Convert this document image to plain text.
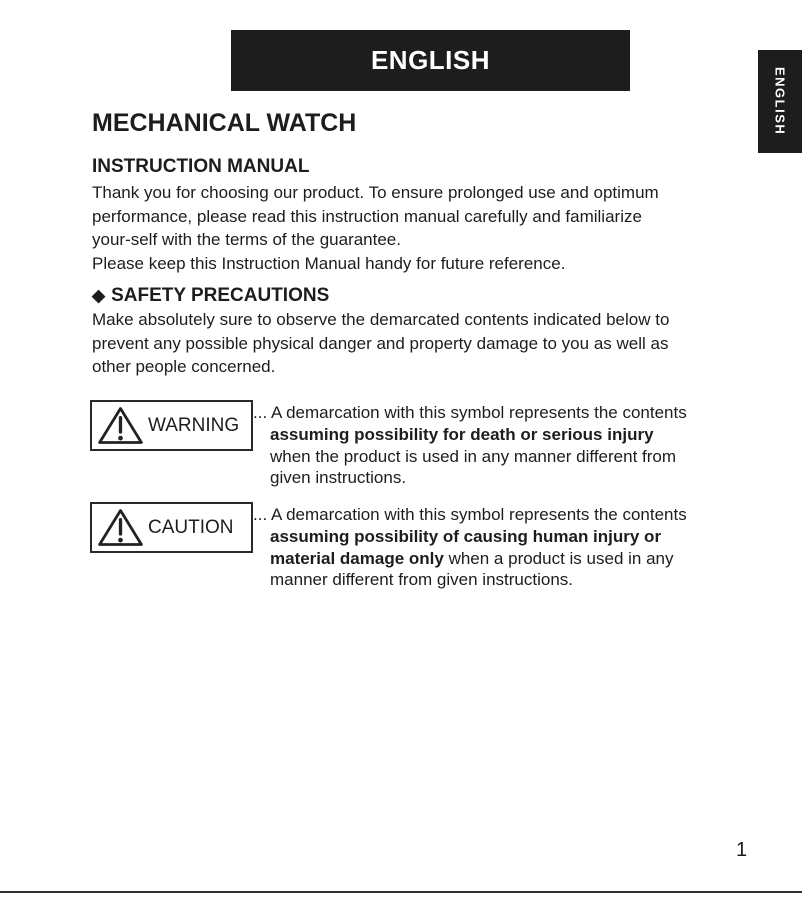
ENGLISH
ENGLISH
MECHANICAL WATCH
INSTRUCTION MANUAL
Thank you for choosing our product. To ensure prolonged use and optimum
performance, please read this instruction manual carefully and familiarize
your-self with the terms of the guarantee.
Please keep this Instruction Manual handy for future reference.
◆ SAFETY PRECAUTIONS
Make absolutely sure to observe the demarcated contents indicated below to
prevent any possible physical danger and property damage to you as well as
other people concerned.
WARNING
... A demarcation with this symbol represents the contents
assuming possibility for death or serious injury
when the product is used in any manner different from
given instructions.
CAUTION
... A demarcation with this symbol represents the contents
assuming possibility of causing human injury or
material damage only when a product is used in any
manner different from given instructions.
1
